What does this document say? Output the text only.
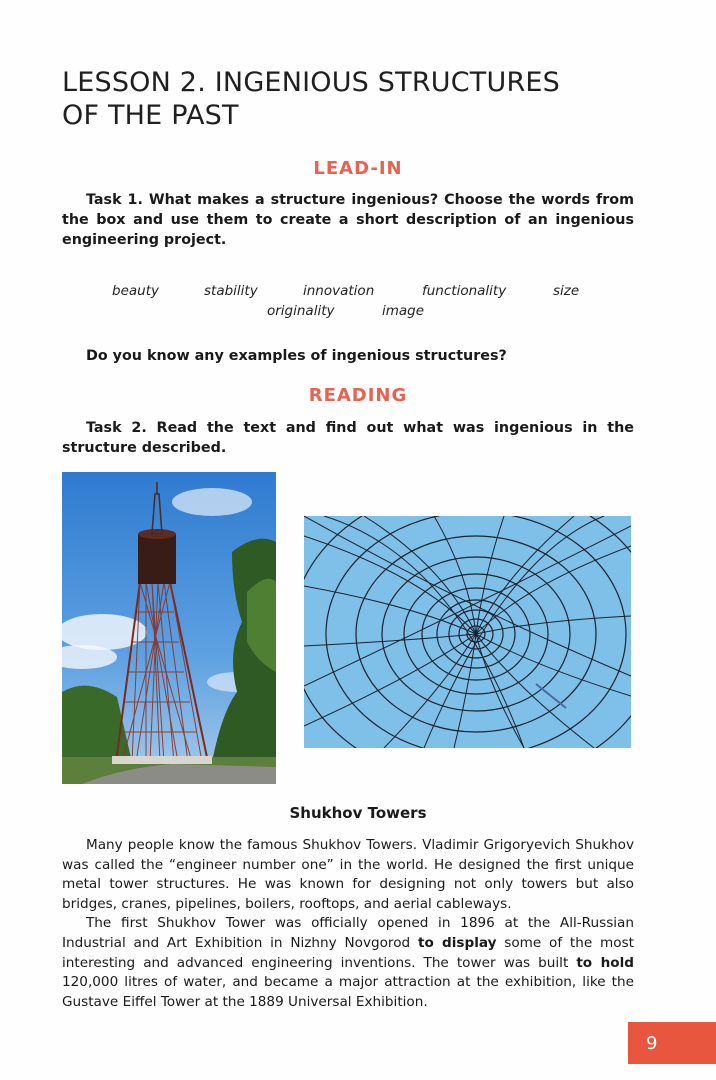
LESSON 2. INGENIOUS STRUCTURES
OF THE PAST
LEAD-IN
Task 1. What makes a structure ingenious? Choose the words from the box and use them to create a short description of an ingenious engineering project.
beauty	stability	innovation	functionality	size
originality	image
Do you know any examples of ingenious structures?
READING
Task 2. Read the text and find out what was ingenious in the structure described.
Shukhov Towers

Many people know the famous Shukhov Towers. Vladimir Grigoryevich Shukhov was called the “engineer number one” in the world. He designed the first unique metal tower structures. He was known for designing not only towers but also bridges, cranes, pipelines, boilers, rooftops, and aerial cableways.

The first Shukhov Tower was officially opened in 1896 at the All-Russian Industrial and Art Exhibition in Nizhny Novgorod to display some of the most interesting and advanced engineering inventions. The tower was built to hold 120,000 litres of water, and became a major attraction at the exhibition, like the Gustave Eiffel Tower at the 1889 Universal Exhibition.

9
